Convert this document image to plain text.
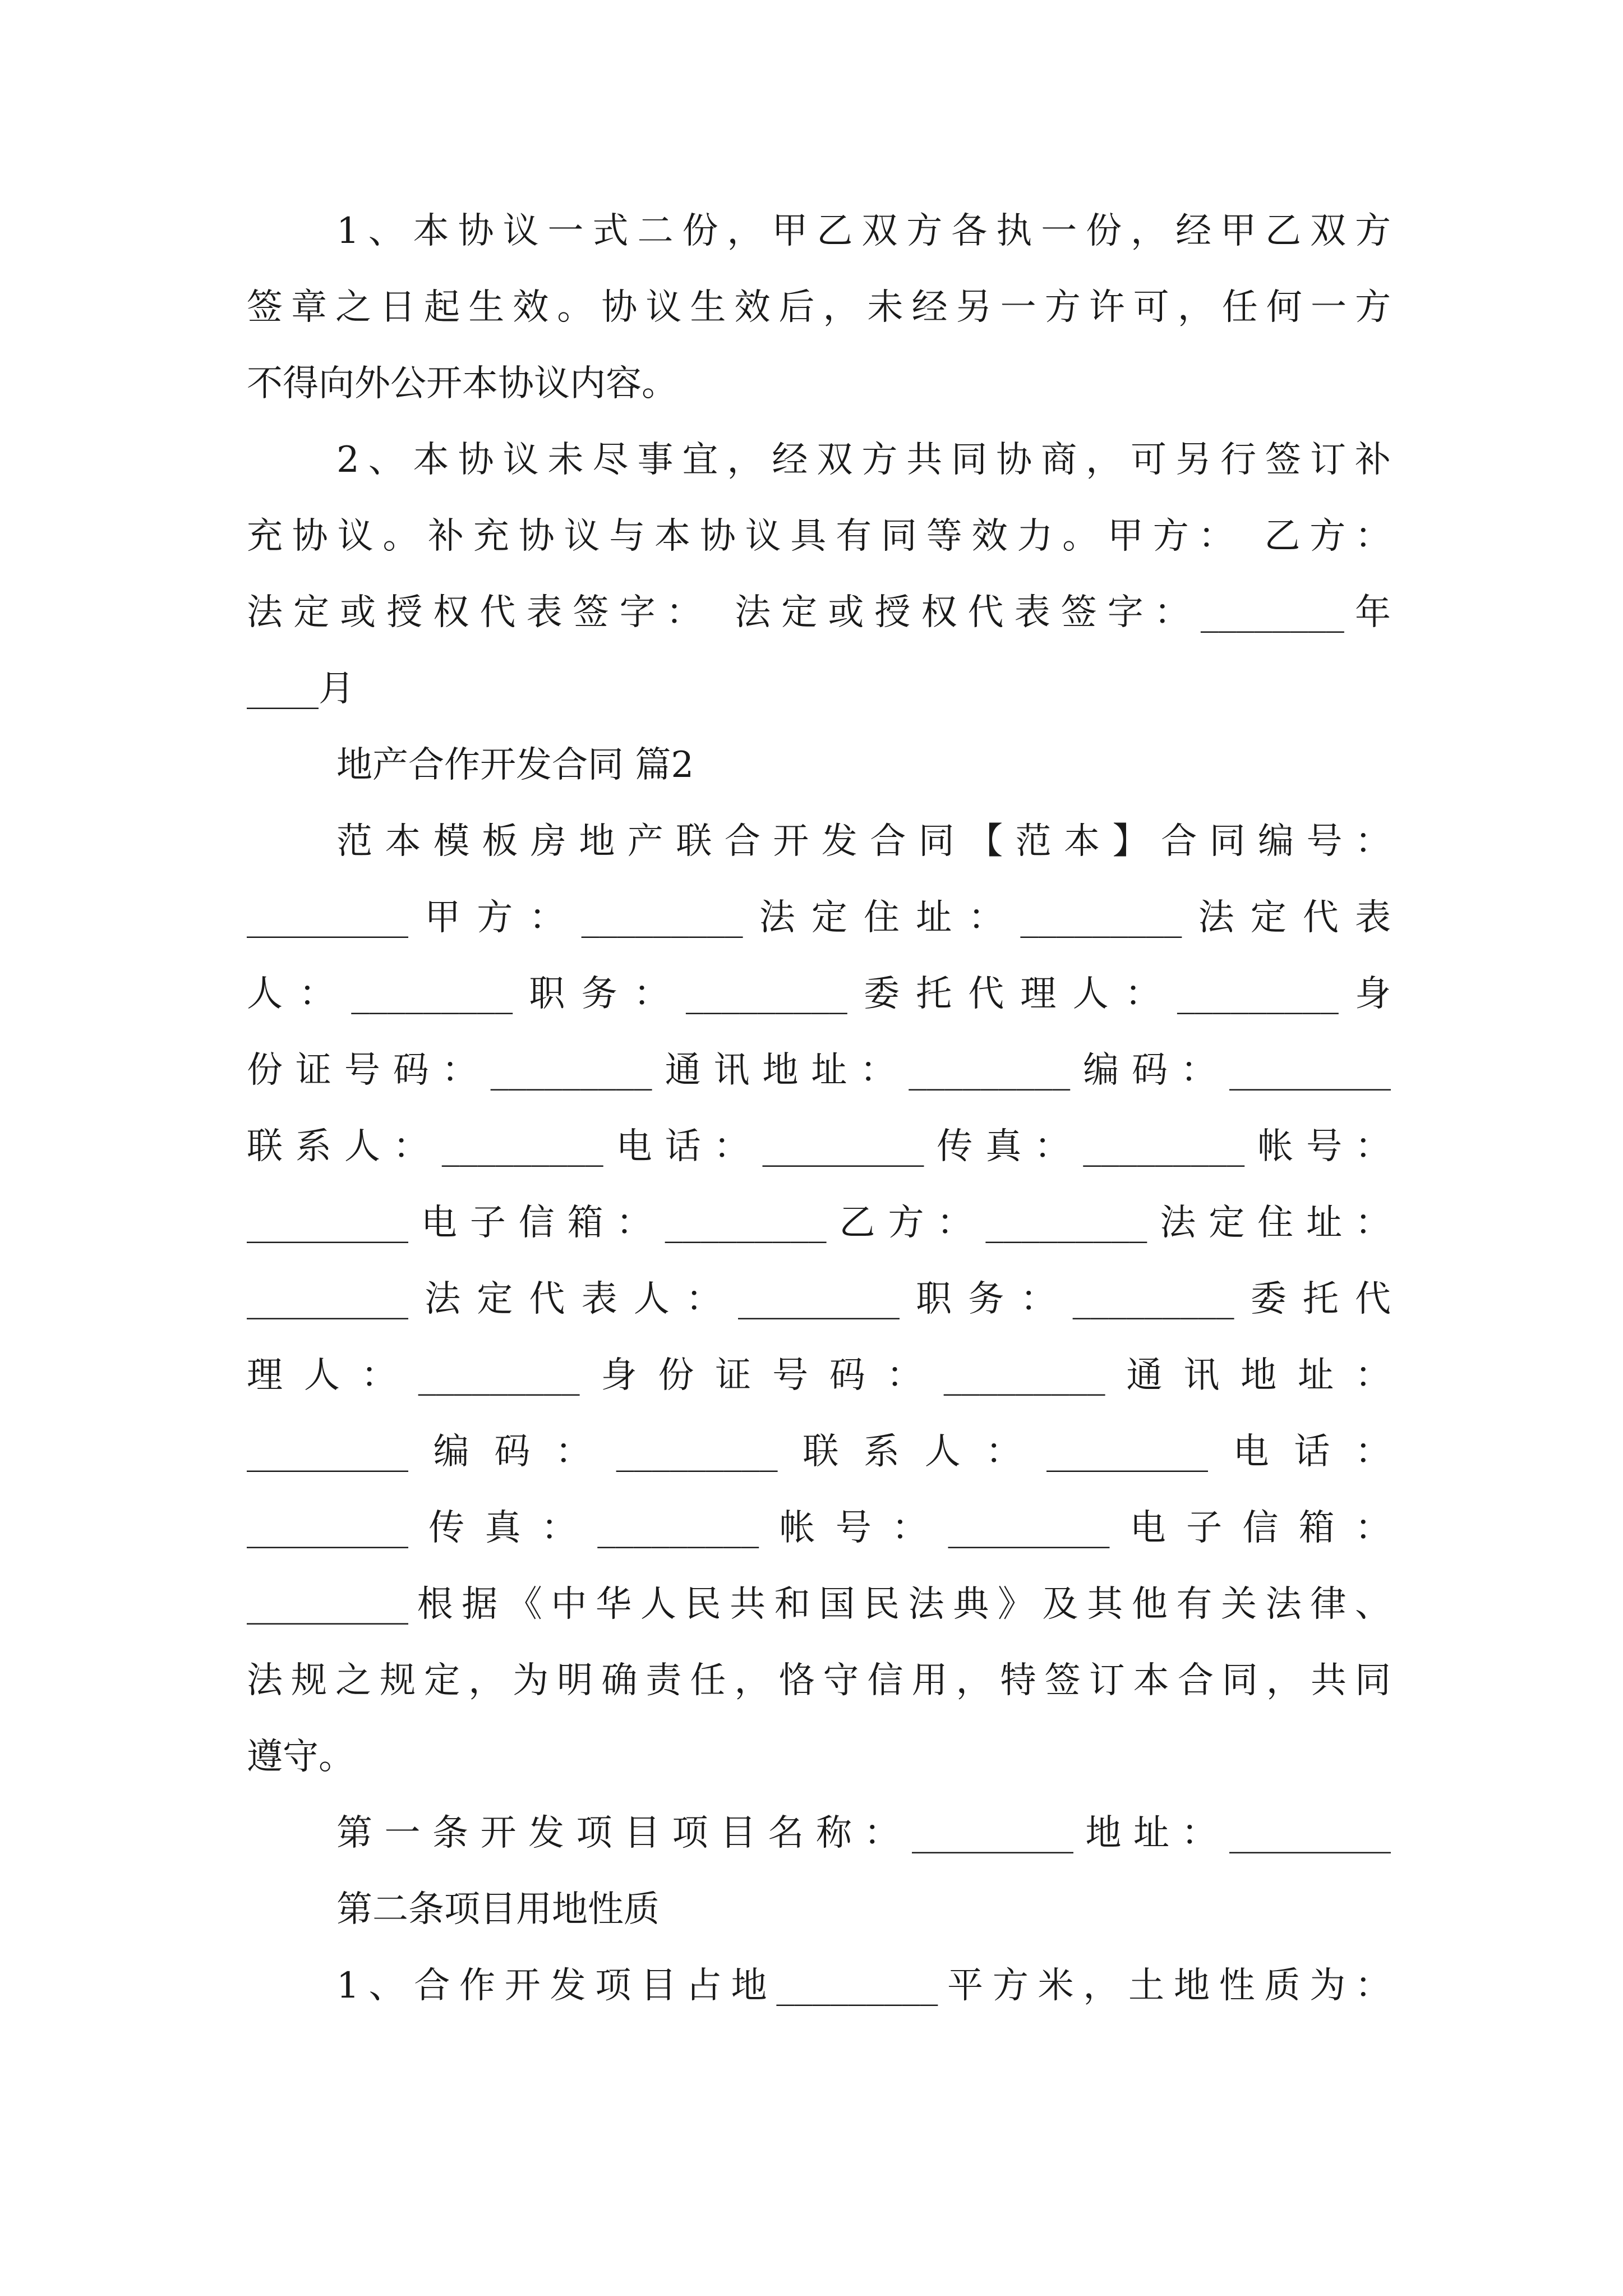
1、本协议一式二份，甲乙双方各执一份，经甲乙双方
签章之日起生效。协议生效后，未经另一方许可，任何一方
不得向外公开本协议内容。
2、本协议未尽事宜，经双方共同协商，可另行签订补
充协议。补充协议与本协议具有同等效力。甲方： 乙方：
法定或授权代表签字： 法定或授权代表签字：________年
____月
地产合作开发合同 篇2
范本模板房地产联合开发合同【范本】合同编号：
_________甲方：_________法定住址：_________法定代表
人：_________职务：_________委托代理人：_________身
份证号码：_________通讯地址：_________编码：_________
联系人：_________电话：_________传真：_________帐号：
_________电子信箱：_________乙方：_________法定住址：
_________法定代表人：_________职务：_________委托代
理人：_________身份证号码：_________通讯地址：
_________编码：_________联系人：_________电话：
_________传真：_________帐号：_________电子信箱：
_________根据《中华人民共和国民法典》及其他有关法律、
法规之规定，为明确责任，恪守信用，特签订本合同，共同
遵守。
第一条开发项目项目名称：_________地址：_________
第二条项目用地性质
1、合作开发项目占地_________平方米，土地性质为：
